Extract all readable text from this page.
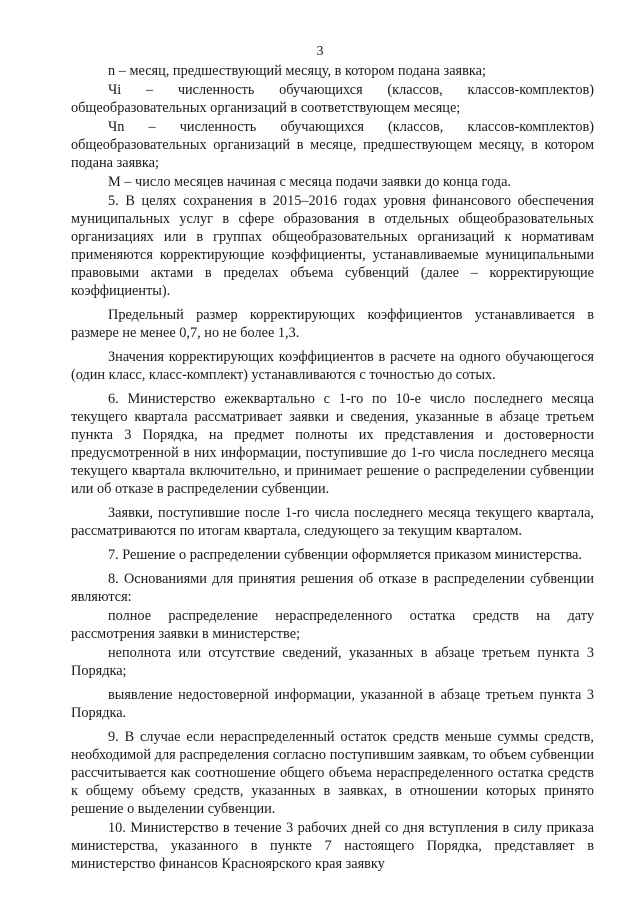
3

n – месяц, предшествующий месяцу, в котором подана заявка;

Чi – численность обучающихся (классов, классов-комплектов) общеобразовательных организаций в соответствующем месяце;

Чn – численность обучающихся (классов, классов-комплектов) общеобразовательных организаций в месяце, предшествующем месяцу, в котором подана заявка;

M – число месяцев начиная с месяца подачи заявки до конца года.

5. В целях сохранения в 2015–2016 годах уровня финансового обеспечения муниципальных услуг в сфере образования в отдельных общеобразовательных организациях или в группах общеобразовательных организаций к нормативам применяются корректирующие коэффициенты, устанавливаемые муниципальными правовыми актами в пределах объема субвенций (далее – корректирующие коэффициенты).

Предельный размер корректирующих коэффициентов устанавливается в размере не менее 0,7, но не более 1,3.

Значения корректирующих коэффициентов в расчете на одного обучающегося (один класс, класс-комплект) устанавливаются с точностью до сотых.

6. Министерство ежеквартально с 1-го по 10-е число последнего месяца текущего квартала рассматривает заявки и сведения, указанные в абзаце третьем пункта 3 Порядка, на предмет полноты их представления и достоверности предусмотренной в них информации, поступившие до 1-го числа последнего месяца текущего квартала включительно, и принимает решение о распределении субвенции или об отказе в распределении субвенции.

Заявки, поступившие после 1-го числа последнего месяца текущего квартала, рассматриваются по итогам квартала, следующего за текущим кварталом.

7. Решение о распределении субвенции оформляется приказом министерства.

8. Основаниями для принятия решения об отказе в распределении субвенции являются:

полное распределение нераспределенного остатка средств на дату рассмотрения заявки в министерстве;

неполнота или отсутствие сведений, указанных в абзаце третьем пункта 3 Порядка;

выявление недостоверной информации, указанной в абзаце третьем пункта 3 Порядка.

9. В случае если нераспределенный остаток средств меньше суммы средств, необходимой для распределения согласно поступившим заявкам, то объем субвенции рассчитывается как соотношение общего объема нераспределенного остатка средств к общему объему средств, указанных в заявках, в отношении которых принято решение о выделении субвенции.

10. Министерство в течение 3 рабочих дней со дня вступления в силу приказа министерства, указанного в пункте 7 настоящего Порядка, представляет в министерство финансов Красноярского края заявку
